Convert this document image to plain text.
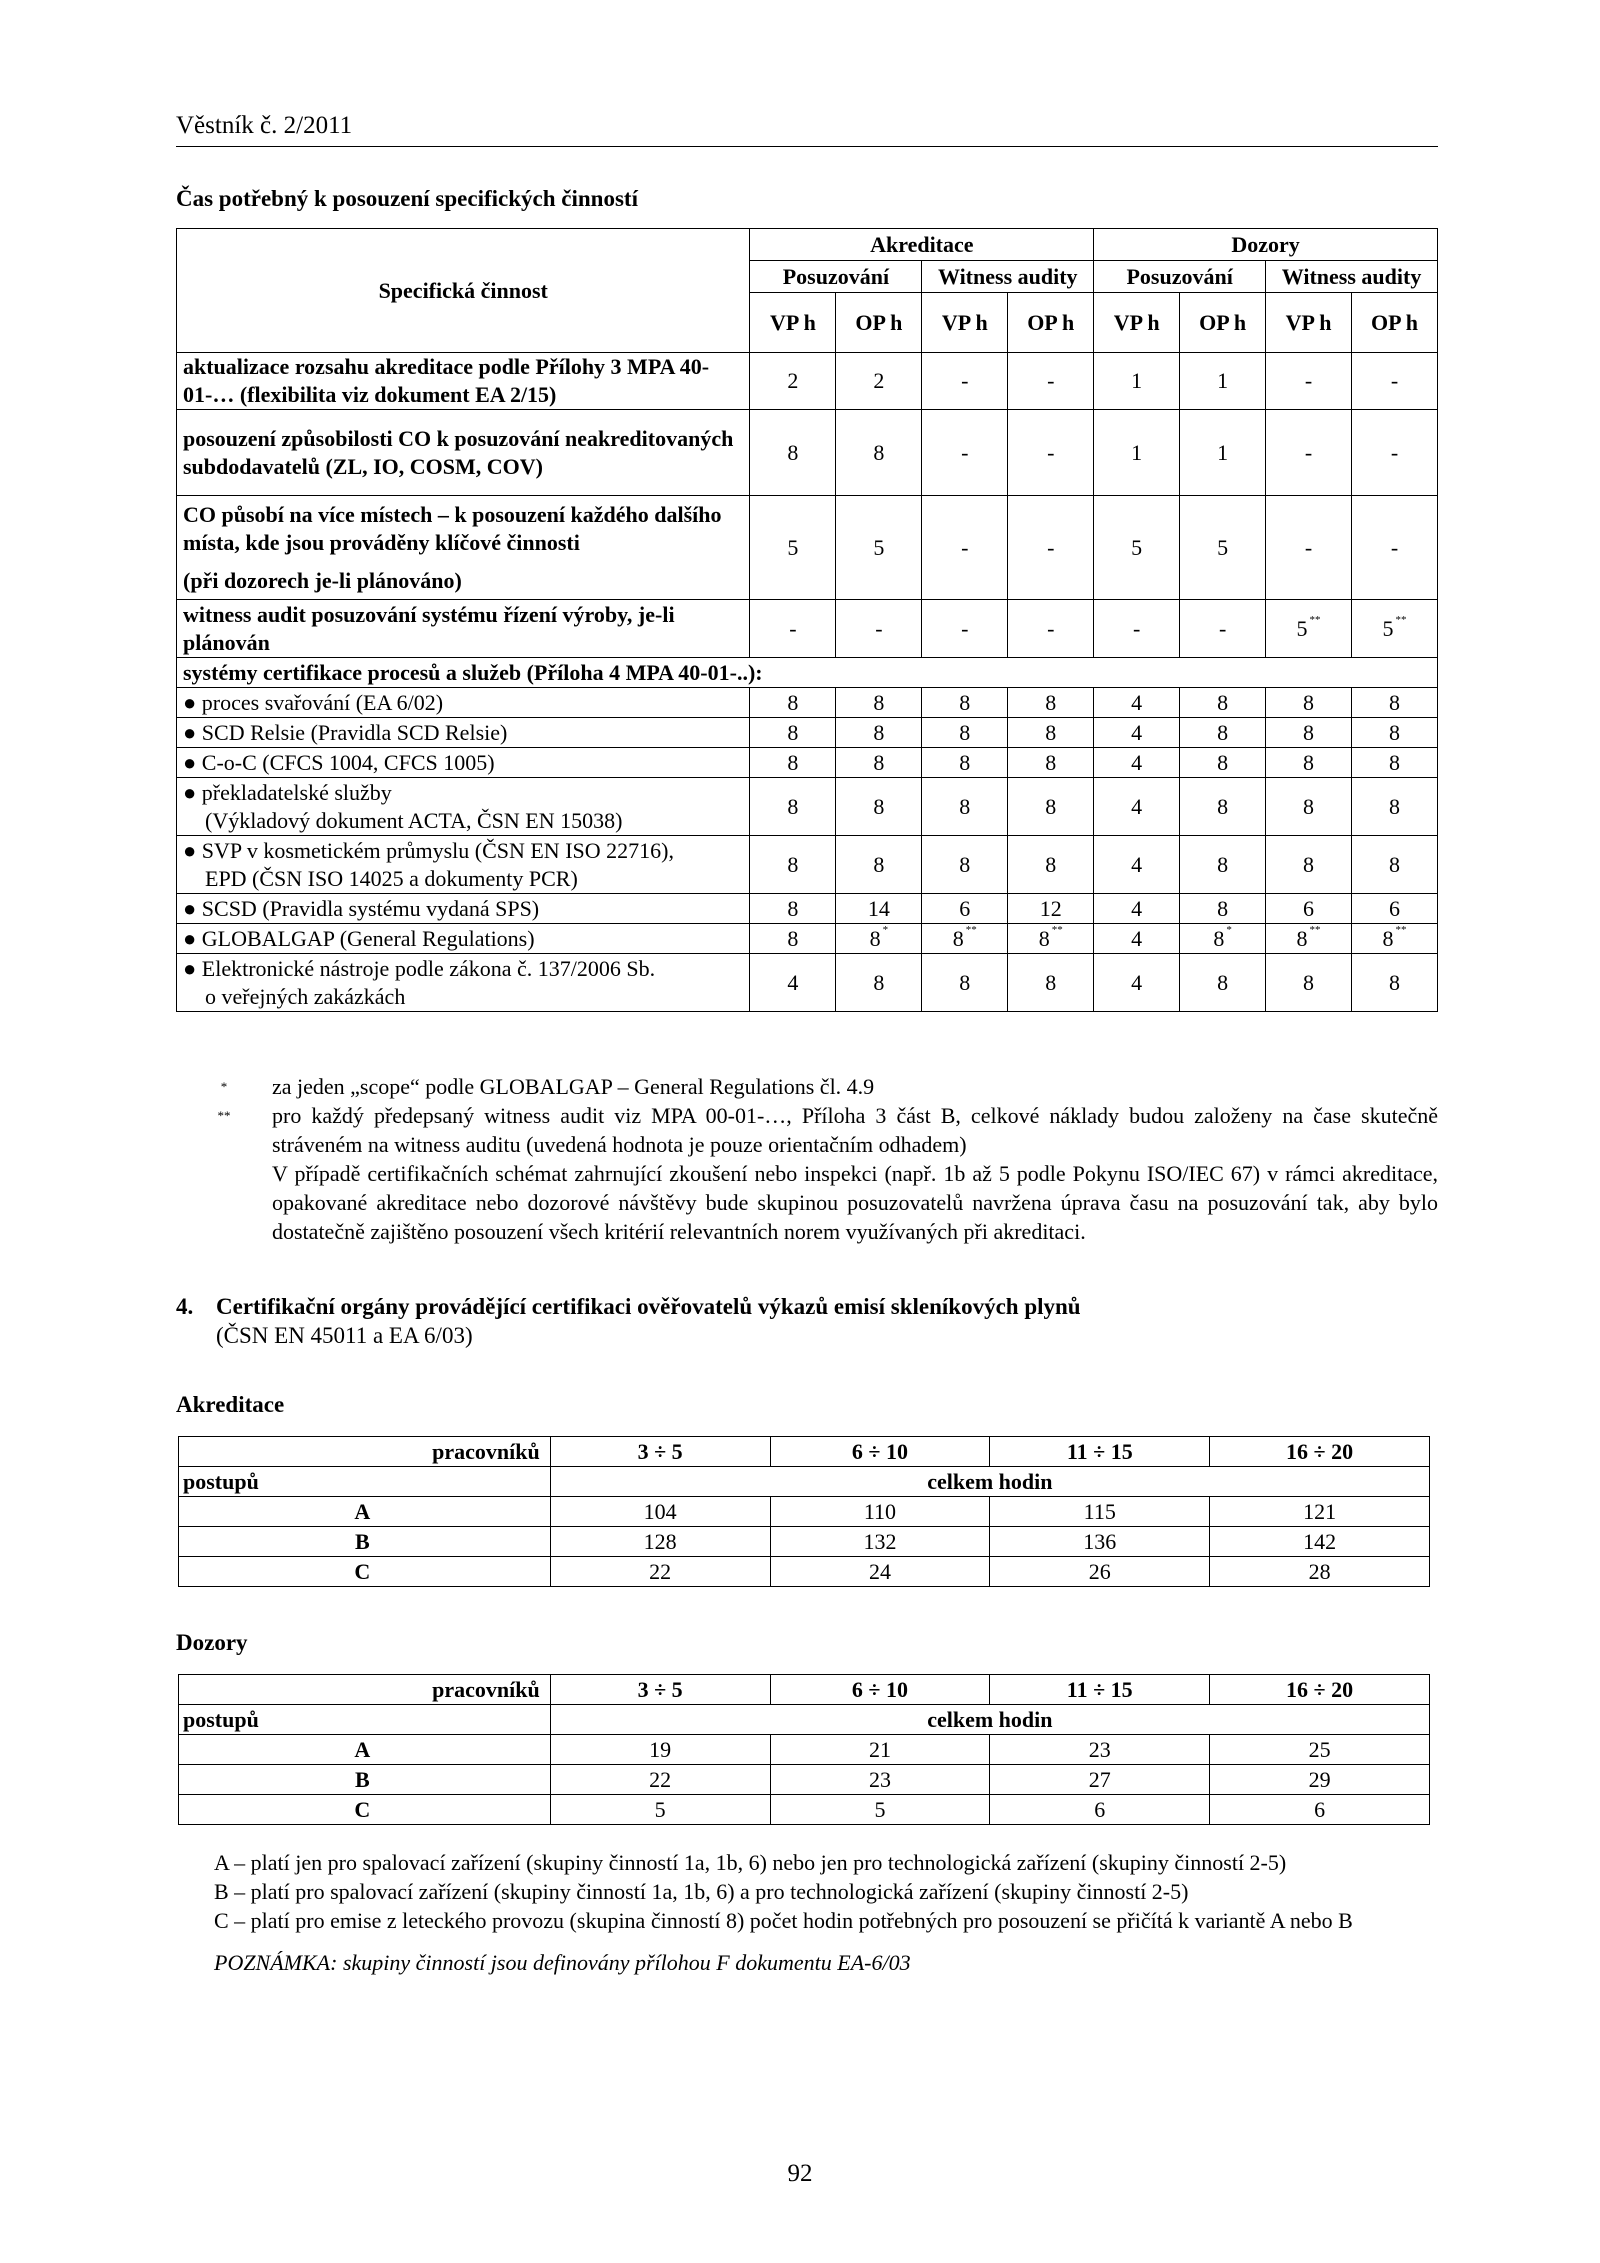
Věstník č. 2/2011
Čas potřebný k posouzení specifických činností
Specifická činnost	Akreditace				Dozory			
	Posuzování		Witness audity		Posuzování		Witness audity	
	VP h	OP h	VP h	OP h	VP h	OP h	VP h	OP h

aktualizace rozsahu akreditace podle Přílohy 3 MPA 40-01-… (flexibilita viz dokument EA 2/15)	2	2	-	-	1	1	-	-

posouzení způsobilosti CO k posuzování neakreditovaných subdodavatelů (ZL, IO, COSM, COV)	8	8	-	-	1	1	-	-

CO působí na více místech – k posouzení každého dalšího místa, kde jsou prováděny klíčové činnosti
(při dozorech je-li plánováno)	5	5	-	-	5	5	-	-

witness audit posuzování systému řízení výroby, je-li plánován	-	-	-	-	-	-	5 **	5 **
systémy certifikace procesů a služeb (Příloha 4 MPA 40-01-..):								

● proces svařování (EA 6/02)	8	8	8	8	4	8	8	8

● SCD Relsie (Pravidla SCD Relsie)	8	8	8	8	4	8	8	8

● C-o-C (CFCS 1004, CFCS 1005)	8	8	8	8	4	8	8	8

● překladatelské služby
(Výkladový dokument ACTA, ČSN EN 15038)	8	8	8	8	4	8	8	8

● SVP v kosmetickém průmyslu (ČSN EN ISO 22716),
EPD (ČSN ISO 14025 a dokumenty PCR)	8	8	8	8	4	8	8	8

● SCSD (Pravidla systému vydaná SPS)	8	14	6	12	4	8	6	6

● GLOBALGAP (General Regulations)	8	8 *	8 **	8 **	4	8 *	8 **	8 **

● Elektronické nástroje podle zákona č. 137/2006 Sb.
o veřejných zakázkách	4	8	8	8	4	8	8	8
*	za jeden „scope“ podle GLOBALGAP – General Regulations čl. 4.9
**	pro každý předepsaný witness audit viz MPA 00-01-…, Příloha 3 část B, celkové náklady budou založeny na čase skutečně stráveném na witness auditu (uvedená hodnota je pouze orientačním odhadem)
V případě certifikačních schémat zahrnující zkoušení nebo inspekci (např. 1b až 5 podle Pokynu ISO/IEC 67) v rámci akreditace, opakované akreditace nebo dozorové návštěvy bude skupinou posuzovatelů navržena úprava času na posuzování tak, aby bylo dostatečně zajištěno posouzení všech kritérií relevantních norem využívaných při akreditaci.
4. Certifikační orgány provádějící certifikaci ověřovatelů výkazů emisí skleníkových plynů
(ČSN EN 45011 a EA 6/03)
Akreditace
pracovníků	3 ÷ 5	6 ÷ 10	11 ÷ 15	16 ÷ 20
postupů	celkem hodin			
A	104	110	115	121
B	128	132	136	142
C	22	24	26	28
Dozory
pracovníků	3 ÷ 5	6 ÷ 10	11 ÷ 15	16 ÷ 20
postupů	celkem hodin			
A	19	21	23	25
B	22	23	27	29
C	5	5	6	6
A – platí jen pro spalovací zařízení (skupiny činností 1a, 1b, 6) nebo jen pro technologická zařízení (skupiny činností 2-5)
B – platí pro spalovací zařízení (skupiny činností 1a, 1b, 6) a pro technologická zařízení (skupiny činností 2-5)
C – platí pro emise z leteckého provozu (skupina činností 8) počet hodin potřebných pro posouzení se přičítá k variantě A nebo B
POZNÁMKA: skupiny činností jsou definovány přílohou F dokumentu EA-6/03
92
